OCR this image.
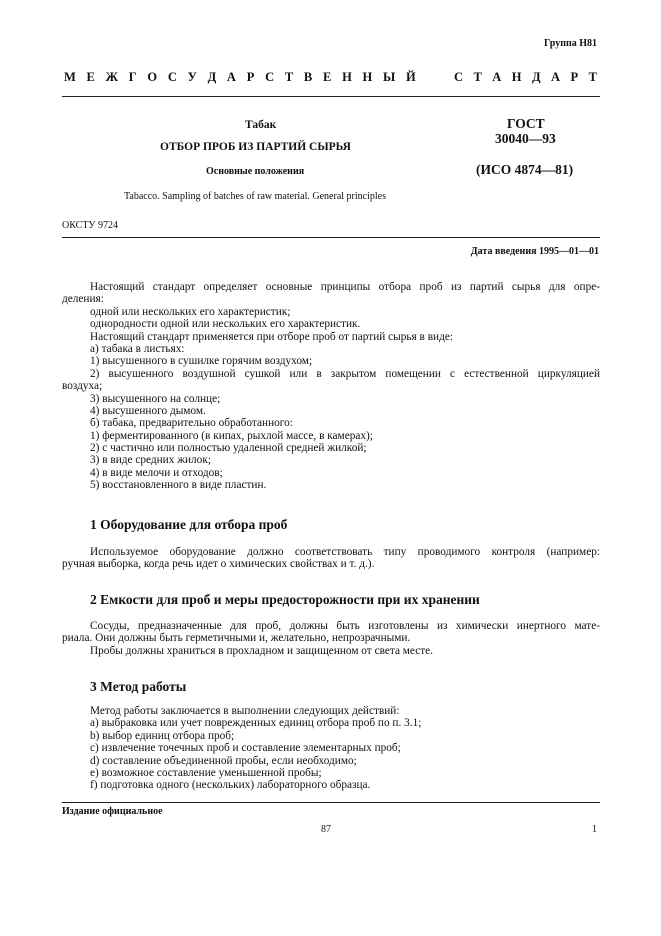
Группа Н81
М Е Ж Г О С У Д А Р С Т В Е Н Н Ы Й	С Т А Н Д А Р Т
Табак
ОТБОР ПРОБ ИЗ ПАРТИЙ СЫРЬЯ
Основные положения
Tabacco. Sampling of batches of raw material. General principles
ГОСТ
30040—93
(ИСО 4874—81)
ОКСТУ 9724
Дата введения 1995—01—01
Настоящий стандарт определяет основные принципы отбора проб из партий сырья для опре-
деления:
одной или нескольких его характеристик;
однородности одной или нескольких его характеристик.
Настоящий стандарт применяется при отборе проб от партий сырья в виде:
а) табака в листьях:
1) высушенного в сушилке горячим воздухом;
2) высушенного воздушной сушкой или в закрытом помещении с естественной циркуляцией
воздуха;
3) высушенного на солнце;
4) высушенного дымом.
б) табака, предварительно обработанного:
1) ферментированного (в кипах, рыхлой массе, в камерах);
2) с частично или полностью удаленной средней жилкой;
3) в виде средних жилок;
4) в виде мелочи и отходов;
5) восстановленного в виде пластин.
1 Оборудование для отбора проб
Используемое оборудование должно соответствовать типу проводимого контроля (например:
ручная выборка, когда речь идет о химических свойствах и т. д.).
2 Емкости для проб и меры предосторожности при их хранении
Сосуды, предназначенные для проб, должны быть изготовлены из химически инертного мате-
риала. Они должны быть герметичными и, желательно, непрозрачными.
Пробы должны храниться в прохладном и защищенном от света месте.
3 Метод работы
Метод работы заключается в выполнении следующих действий:
a) выбраковка или учет поврежденных единиц отбора проб по п. 3.1;
b) выбор единиц отбора проб;
c) извлечение точечных проб и составление элементарных проб;
d) составление объединенной пробы, если необходимо;
e) возможное составление уменьшенной пробы;
f) подготовка одного (нескольких) лабораторного образца.
Издание официальное
87	1
